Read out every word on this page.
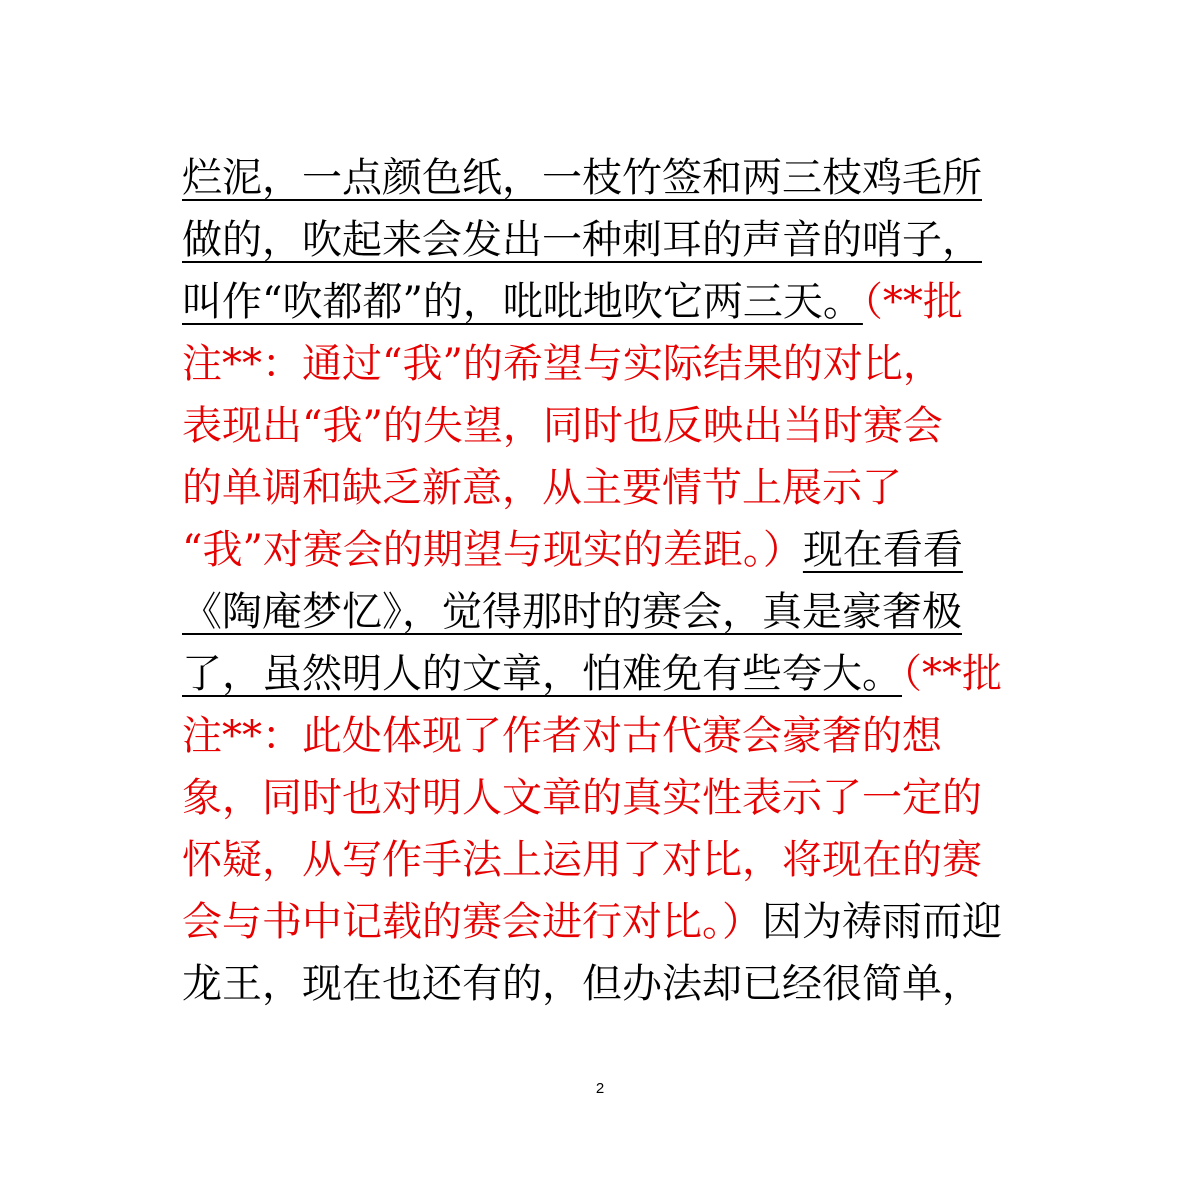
烂泥，一点颜色纸，一枝竹签和两三枝鸡毛所
做的，吹起来会发出一种刺耳的声音的哨子，
叫作“吹都都”的，吡吡地吹它两三天。（**批
注**：通过“我”的希望与实际结果的对比，
表现出“我”的失望，同时也反映出当时赛会
的单调和缺乏新意，从主要情节上展示了
“我”对赛会的期望与现实的差距。）现在看看
《陶庵梦忆》，觉得那时的赛会，真是豪奢极
了，虽然明人的文章，怕难免有些夸大。（**批
注**：此处体现了作者对古代赛会豪奢的想
象，同时也对明人文章的真实性表示了一定的
怀疑，从写作手法上运用了对比，将现在的赛
会与书中记载的赛会进行对比。）因为祷雨而迎
龙王，现在也还有的，但办法却已经很简单，
2
